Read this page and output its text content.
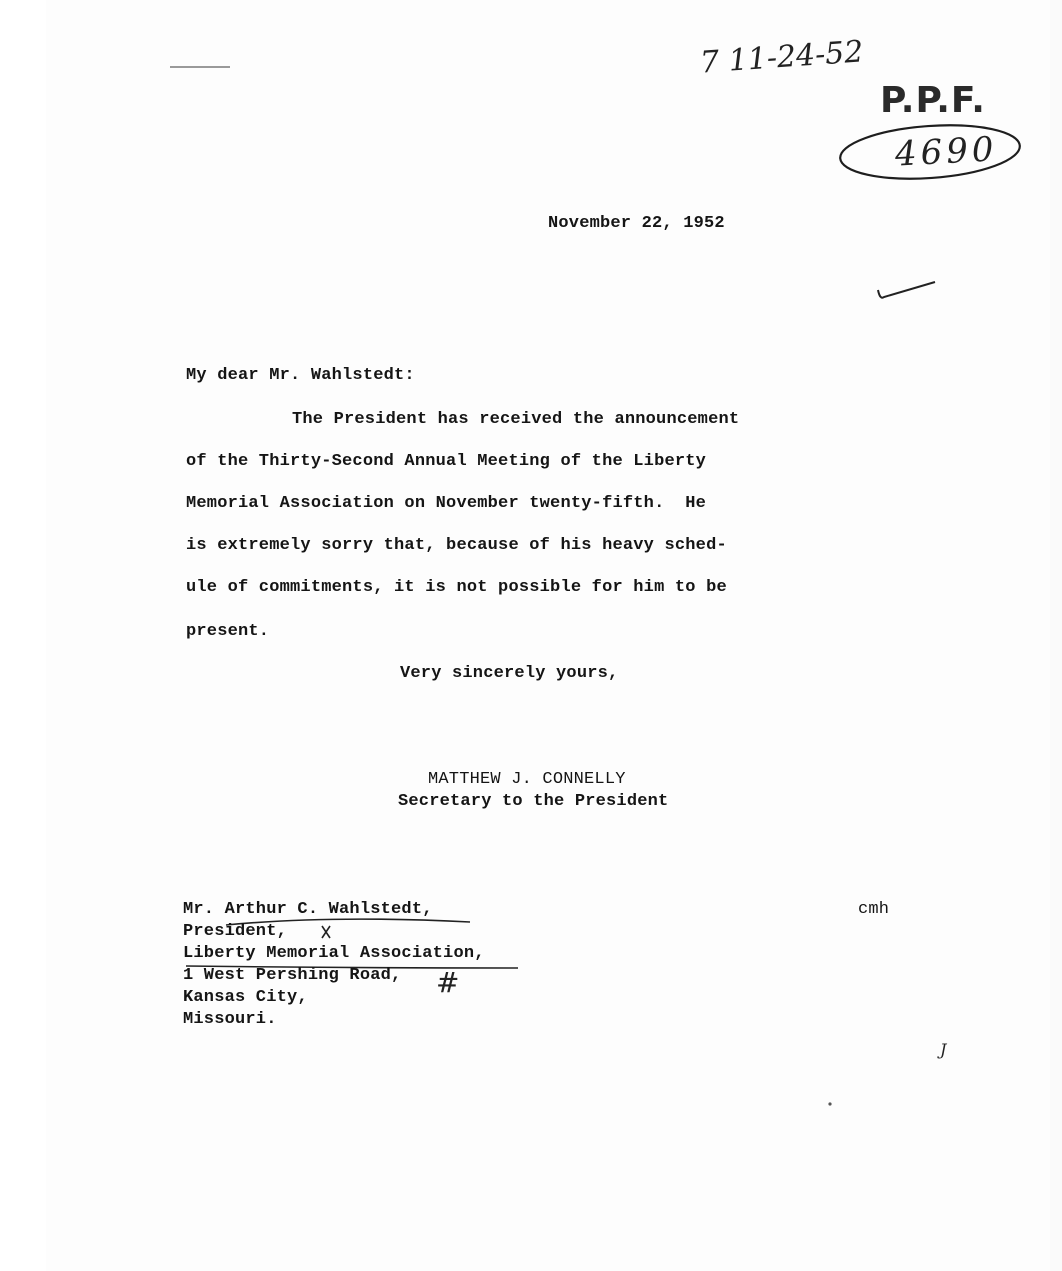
7 11-24-52
P.P.F.
4690
November 22, 1952
My dear Mr. Wahlstedt:
The President has received the announcement
of the Thirty-Second Annual Meeting of the Liberty
Memorial Association on November twenty-fifth.  He
is extremely sorry that, because of his heavy sched-
ule of commitments, it is not possible for him to be
present.
Very sincerely yours,
MATTHEW J. CONNELLY
Secretary to the President
Mr. Arthur C. Wahlstedt,
President,
Liberty Memorial Association,
1 West Pershing Road,
Kansas City,
Missouri.
#
cmh
J
